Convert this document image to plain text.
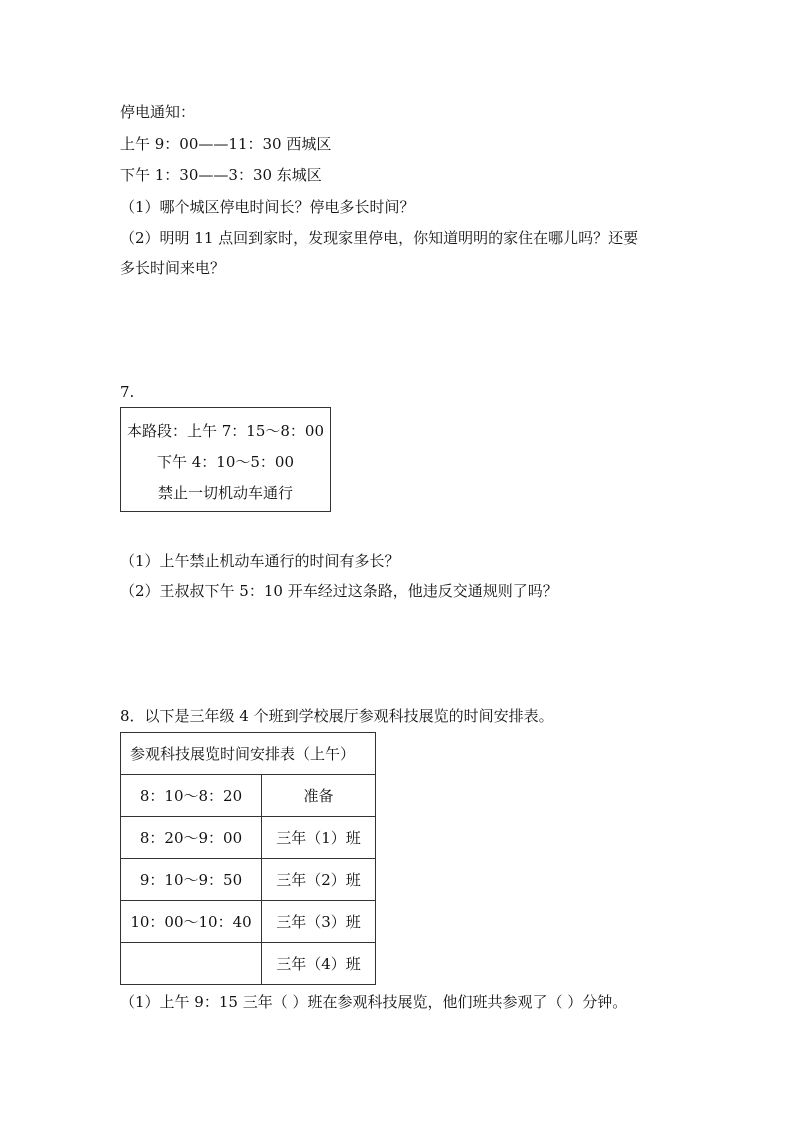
停电通知：
上午 9：00——11：30 西城区
下午 1：30——3：30 东城区
（1）哪个城区停电时间长？停电多长时间？
（2）明明 11 点回到家时，发现家里停电，你知道明明的家住在哪儿吗？还要
多长时间来电？
7.
本路段：上午 7：15～8：00
下午 4：10～5：00
禁止一切机动车通行
（1）上午禁止机动车通行的时间有多长？
（2）王叔叔下午 5：10 开车经过这条路，他违反交通规则了吗？
8．以下是三年级 4 个班到学校展厅参观科技展览的时间安排表。
参观科技展览时间安排表（上午）	
8：10～8：20	准备
8：20～9：00	三年（1）班
9：10～9：50	三年（2）班
10：00～10：40	三年（3）班
	三年（4）班
（1）上午 9：15 三年（ ）班在参观科技展览，他们班共参观了（ ）分钟。
